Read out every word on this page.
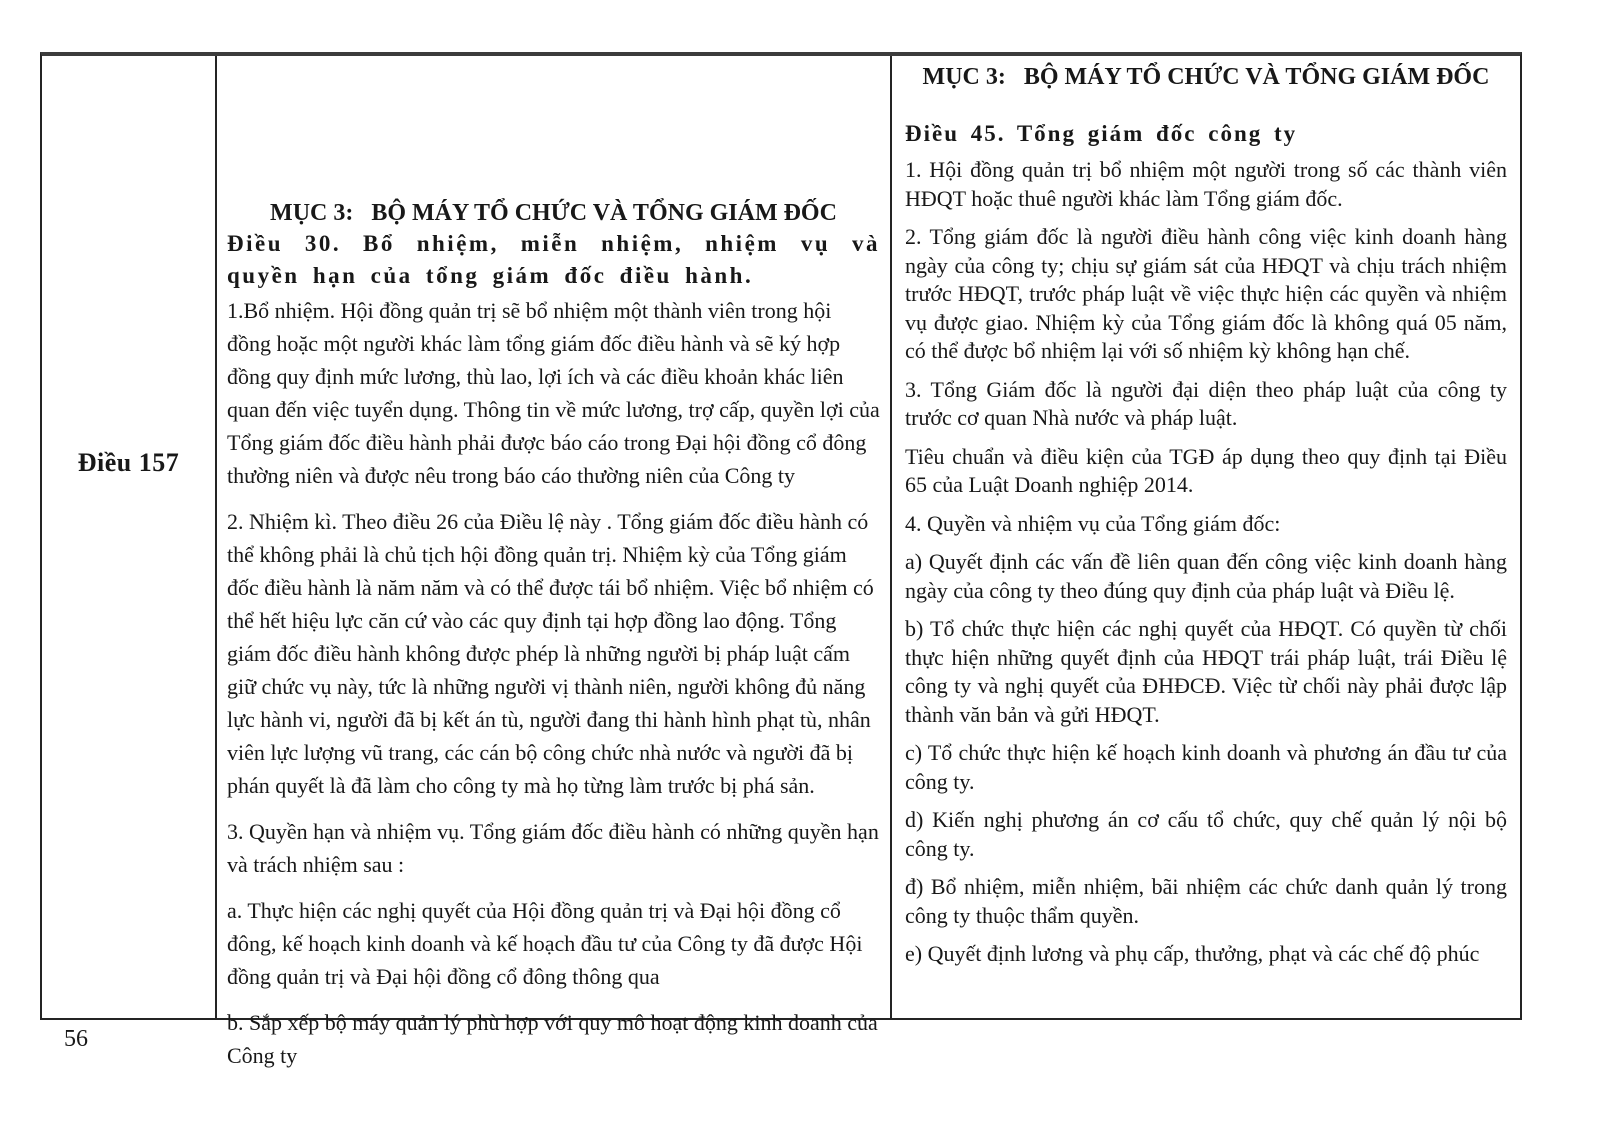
Điều 157
MỤC 3:   BỘ MÁY TỔ CHỨC VÀ TỔNG GIÁM ĐỐC
Điều 30. Bổ nhiệm, miễn nhiệm, nhiệm vụ và quyền hạn của tổng giám đốc điều hành.

1.Bổ nhiệm. Hội đồng quản trị sẽ bổ nhiệm một thành viên trong hội đồng hoặc một người khác làm tổng giám đốc điều hành và sẽ ký hợp đồng quy định mức lương, thù lao, lợi ích và các điều khoản khác liên quan đến việc tuyển dụng. Thông tin về mức lương, trợ cấp, quyền lợi của Tổng giám đốc điều hành phải được báo cáo trong Đại hội đồng cổ đông thường niên và được nêu trong báo cáo thường niên của Công ty

2. Nhiệm kì. Theo điều 26 của Điều lệ này . Tổng giám đốc điều hành có thể không phải là chủ tịch hội đồng quản trị. Nhiệm kỳ của Tổng giám đốc điều hành là năm năm và có thể được tái bổ nhiệm. Việc bổ nhiệm có thể hết hiệu lực căn cứ vào các quy định tại hợp đồng lao động. Tổng giám đốc điều hành không được phép là những người bị pháp luật cấm giữ chức vụ này, tức là những người vị thành niên, người không đủ năng lực hành vi, người đã bị kết án tù, người đang thi hành hình phạt tù, nhân viên lực lượng vũ trang, các cán bộ công chức nhà nước và người đã bị phán quyết là đã làm cho công ty mà họ từng làm trước bị phá sản.

3. Quyền hạn và nhiệm vụ. Tổng giám đốc điều hành có những quyền hạn và trách nhiệm sau :

a. Thực hiện các nghị quyết của Hội đồng quản trị và Đại hội đồng cổ đông, kế hoạch kinh doanh và kế hoạch đầu tư của Công ty đã được Hội đồng quản trị và Đại hội đồng cổ đông thông qua

b. Sắp xếp bộ máy quản lý phù hợp với quy mô hoạt động kinh doanh của Công ty

MỤC 3:   BỘ MÁY TỔ CHỨC VÀ TỔNG GIÁM ĐỐC
Điều 45. Tổng giám đốc công ty

1. Hội đồng quản trị bổ nhiệm một người trong số các thành viên HĐQT hoặc thuê người khác làm Tổng giám đốc.

2. Tổng giám đốc là người điều hành công việc kinh doanh hàng ngày của công ty; chịu sự giám sát của HĐQT và chịu trách nhiệm trước HĐQT, trước pháp luật về việc thực hiện các quyền và nhiệm vụ được giao. Nhiệm kỳ của Tổng giám đốc là không quá 05 năm, có thể được bổ nhiệm lại với số nhiệm kỳ không hạn chế.

3. Tổng Giám đốc là người đại diện theo pháp luật của công ty trước cơ quan Nhà nước và pháp luật.

Tiêu chuẩn và điều kiện của TGĐ áp dụng theo quy định tại Điều 65 của Luật Doanh nghiệp 2014.

4. Quyền và nhiệm vụ của Tổng giám đốc:

a) Quyết định các vấn đề liên quan đến công việc kinh doanh hàng ngày của công ty theo đúng quy định của pháp luật và Điều lệ.

b) Tổ chức thực hiện các nghị quyết của HĐQT. Có quyền từ chối thực hiện những quyết định của HĐQT trái pháp luật, trái Điều lệ công ty và nghị quyết của ĐHĐCĐ. Việc từ chối này phải được lập thành văn bản và gửi HĐQT.

c) Tổ chức thực hiện kế hoạch kinh doanh và phương án đầu tư của công ty.

d) Kiến nghị phương án cơ cấu tổ chức, quy chế quản lý nội bộ công ty.

đ) Bổ nhiệm, miễn nhiệm, bãi nhiệm các chức danh quản lý trong công ty thuộc thẩm quyền.

e) Quyết định lương và phụ cấp, thưởng, phạt và các chế độ phúc

56
